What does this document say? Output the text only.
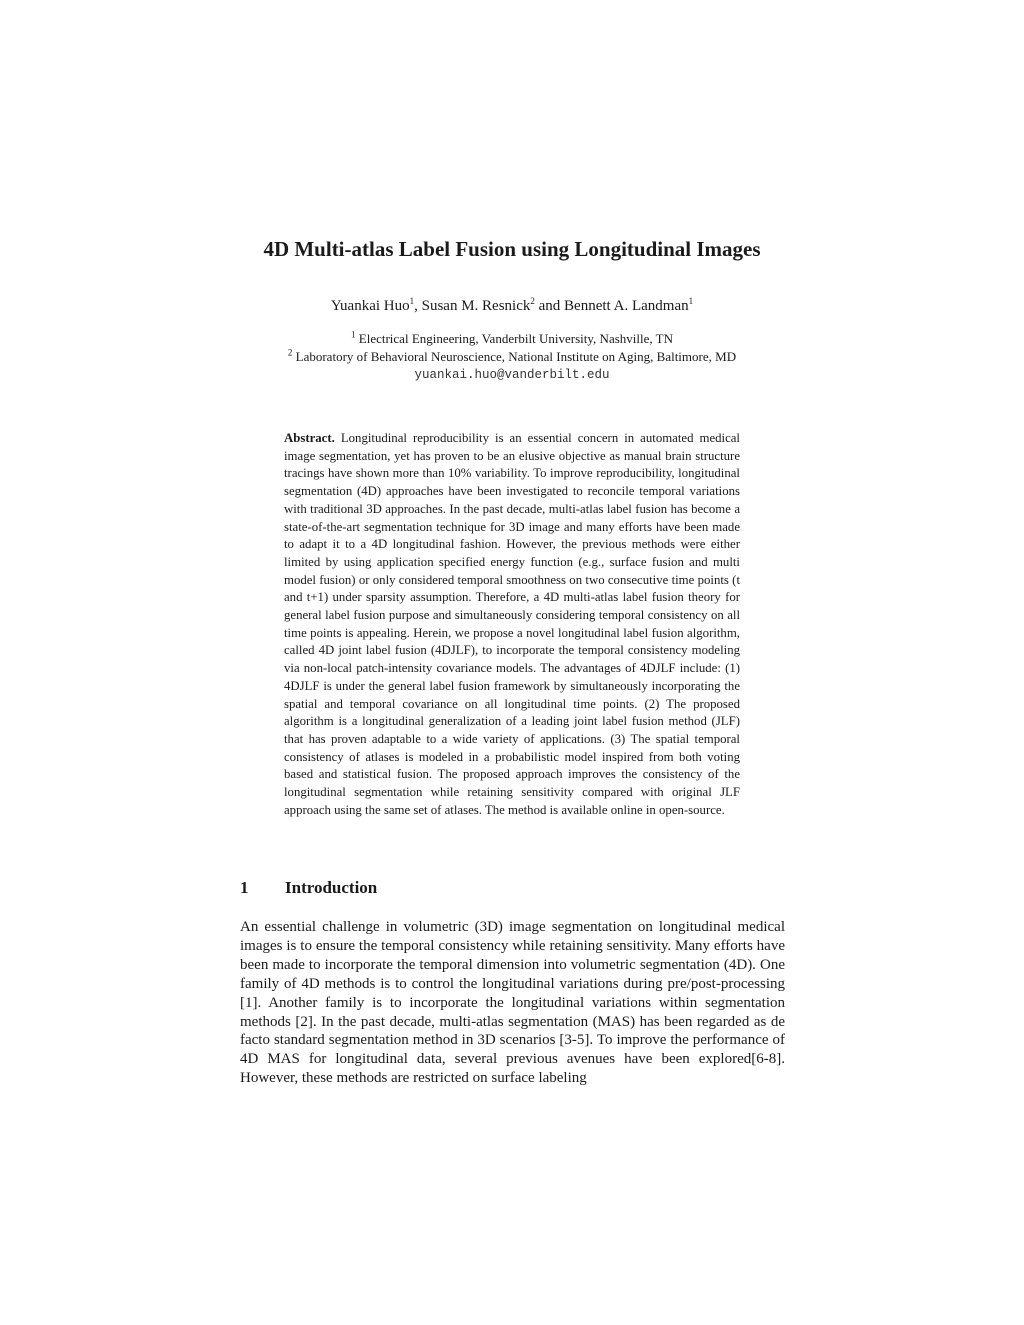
4D Multi-atlas Label Fusion using Longitudinal Images
Yuankai Huo$^1$, Susan M. Resnick$^2$ and Bennett A. Landman$^1$
$^1$ Electrical Engineering, Vanderbilt University, Nashville, TN
$^2$ Laboratory of Behavioral Neuroscience, National Institute on Aging, Baltimore, MD
yuankai.huo@vanderbilt.edu
Abstract. Longitudinal reproducibility is an essential concern in automated medical image segmentation, yet has proven to be an elusive objective as manual brain structure tracings have shown more than 10% variability. To improve reproducibility, longitudinal segmentation (4D) approaches have been investigated to reconcile temporal variations with traditional 3D approaches. In the past decade, multi-atlas label fusion has become a state-of-the-art segmentation technique for 3D image and many efforts have been made to adapt it to a 4D longitudinal fashion. However, the previous methods were either limited by using application specified energy function (e.g., surface fusion and multi model fusion) or only considered temporal smoothness on two consecutive time points (t and t+1) under sparsity assumption. Therefore, a 4D multi-atlas label fusion theory for general label fusion purpose and simultaneously considering temporal consistency on all time points is appealing. Herein, we propose a novel longitudinal label fusion algorithm, called 4D joint label fusion (4DJLF), to incorporate the temporal consistency modeling via non-local patch-intensity covariance models. The advantages of 4DJLF include: (1) 4DJLF is under the general label fusion framework by simultaneously incorporating the spatial and temporal covariance on all longitudinal time points. (2) The proposed algorithm is a longitudinal generalization of a leading joint label fusion method (JLF) that has proven adaptable to a wide variety of applications. (3) The spatial temporal consistency of atlases is modeled in a probabilistic model inspired from both voting based and statistical fusion. The proposed approach improves the consistency of the longitudinal segmentation while retaining sensitivity compared with original JLF approach using the same set of atlases. The method is available online in open-source.
1 Introduction

An essential challenge in volumetric (3D) image segmentation on longitudinal medical images is to ensure the temporal consistency while retaining sensitivity. Many efforts have been made to incorporate the temporal dimension into volumetric segmentation (4D). One family of 4D methods is to control the longitudinal variations during pre/post-processing [1]. Another family is to incorporate the longitudinal variations within segmentation methods [2]. In the past decade, multi-atlas segmentation (MAS) has been regarded as de facto standard segmentation method in 3D scenarios [3-5]. To improve the performance of 4D MAS for longitudinal data, several previous avenues have been explored[6-8]. However, these methods are restricted on surface labeling
